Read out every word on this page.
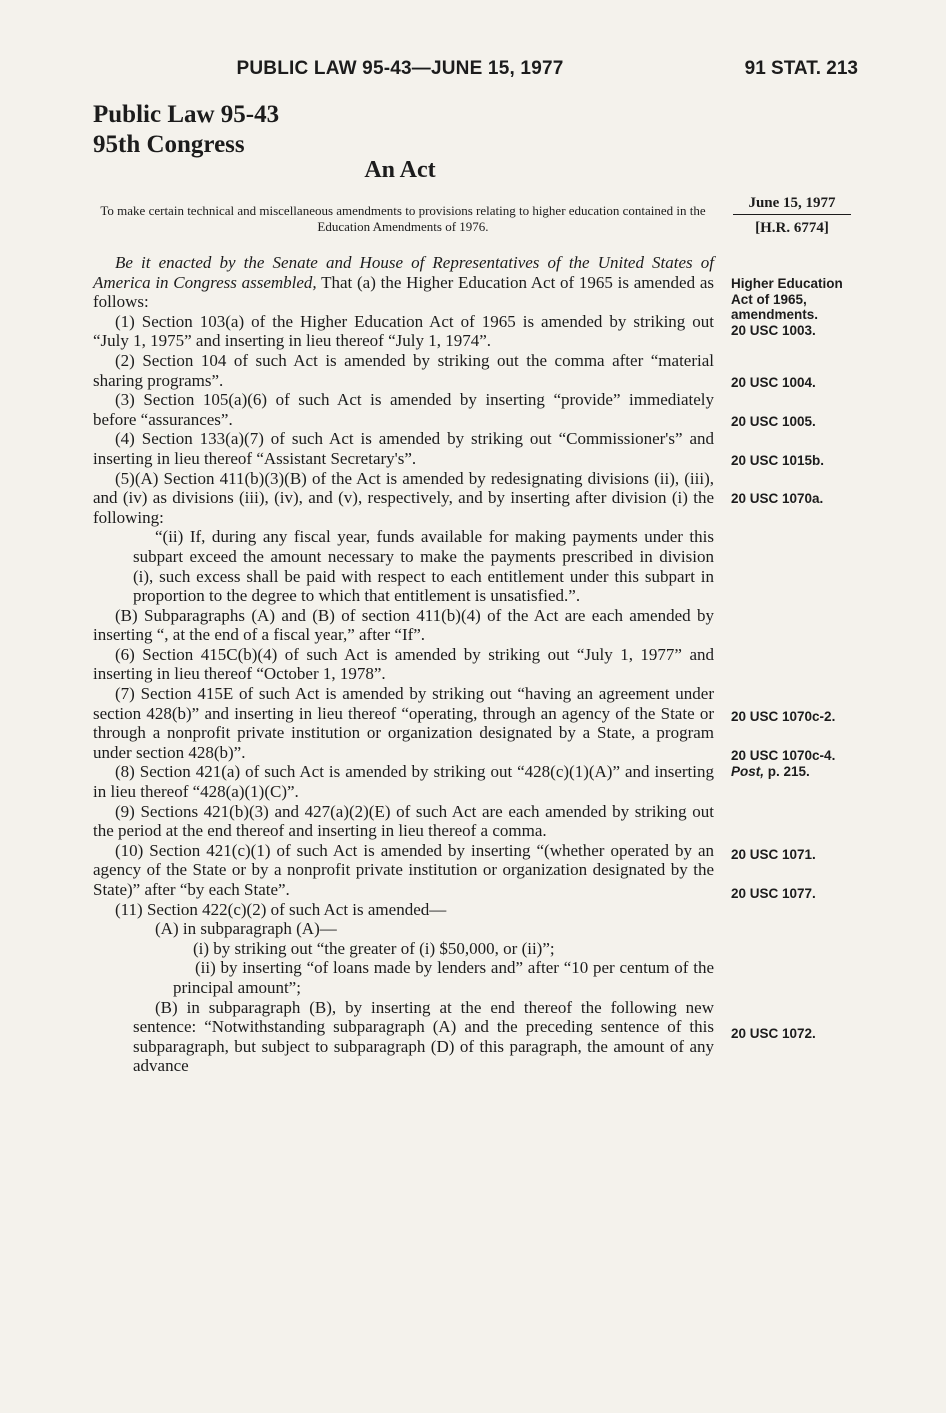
PUBLIC LAW 95-43—JUNE 15, 1977	91 STAT. 213
Public Law 95-43
95th Congress
An Act
To make certain technical and miscellaneous amendments to provisions relating to higher education contained in the Education Amendments of 1976.
June 15, 1977
[H.R. 6774]

Be it enacted by the Senate and House of Representatives of the United States of America in Congress assembled, That (a) the Higher Education Act of 1965 is amended as follows:

(1) Section 103(a) of the Higher Education Act of 1965 is amended by striking out “July 1, 1975” and inserting in lieu thereof “July 1, 1974”.

(2) Section 104 of such Act is amended by striking out the comma after “material sharing programs”.

(3) Section 105(a)(6) of such Act is amended by inserting “provide” immediately before “assurances”.

(4) Section 133(a)(7) of such Act is amended by striking out “Commissioner's” and inserting in lieu thereof “Assistant Secretary's”.

(5)(A) Section 411(b)(3)(B) of the Act is amended by redesignating divisions (ii), (iii), and (iv) as divisions (iii), (iv), and (v), respectively, and by inserting after division (i) the following:

“(ii) If, during any fiscal year, funds available for making payments under this subpart exceed the amount necessary to make the payments prescribed in division (i), such excess shall be paid with respect to each entitlement under this subpart in proportion to the degree to which that entitlement is unsatisfied.”.

(B) Subparagraphs (A) and (B) of section 411(b)(4) of the Act are each amended by inserting “, at the end of a fiscal year,” after “If”.

(6) Section 415C(b)(4) of such Act is amended by striking out “July 1, 1977” and inserting in lieu thereof “October 1, 1978”.

(7) Section 415E of such Act is amended by striking out “having an agreement under section 428(b)” and inserting in lieu thereof “operating, through an agency of the State or through a nonprofit private institution or organization designated by a State, a program under section 428(b)”.

(8) Section 421(a) of such Act is amended by striking out “428(c)(1)(A)” and inserting in lieu thereof “428(a)(1)(C)”.

(9) Sections 421(b)(3) and 427(a)(2)(E) of such Act are each amended by striking out the period at the end thereof and inserting in lieu thereof a comma.

(10) Section 421(c)(1) of such Act is amended by inserting “(whether operated by an agency of the State or by a nonprofit private institution or organization designated by the State)” after “by each State”.

(11) Section 422(c)(2) of such Act is amended—

(A) in subparagraph (A)—

(i) by striking out “the greater of (i) $50,000, or (ii)”;

(ii) by inserting “of loans made by lenders and” after “10 per centum of the principal amount”;

(B) in subparagraph (B), by inserting at the end thereof the following new sentence: “Notwithstanding subparagraph (A) and the preceding sentence of this subparagraph, but subject to subparagraph (D) of this paragraph, the amount of any advance

Higher Education
Act of 1965,
amendments.
20 USC 1003.
20 USC 1004.
20 USC 1005.
20 USC 1015b.
20 USC 1070a.
20 USC 1070c-2.
20 USC 1070c-4.
Post, p. 215.
20 USC 1071.
20 USC 1077.
20 USC 1072.
